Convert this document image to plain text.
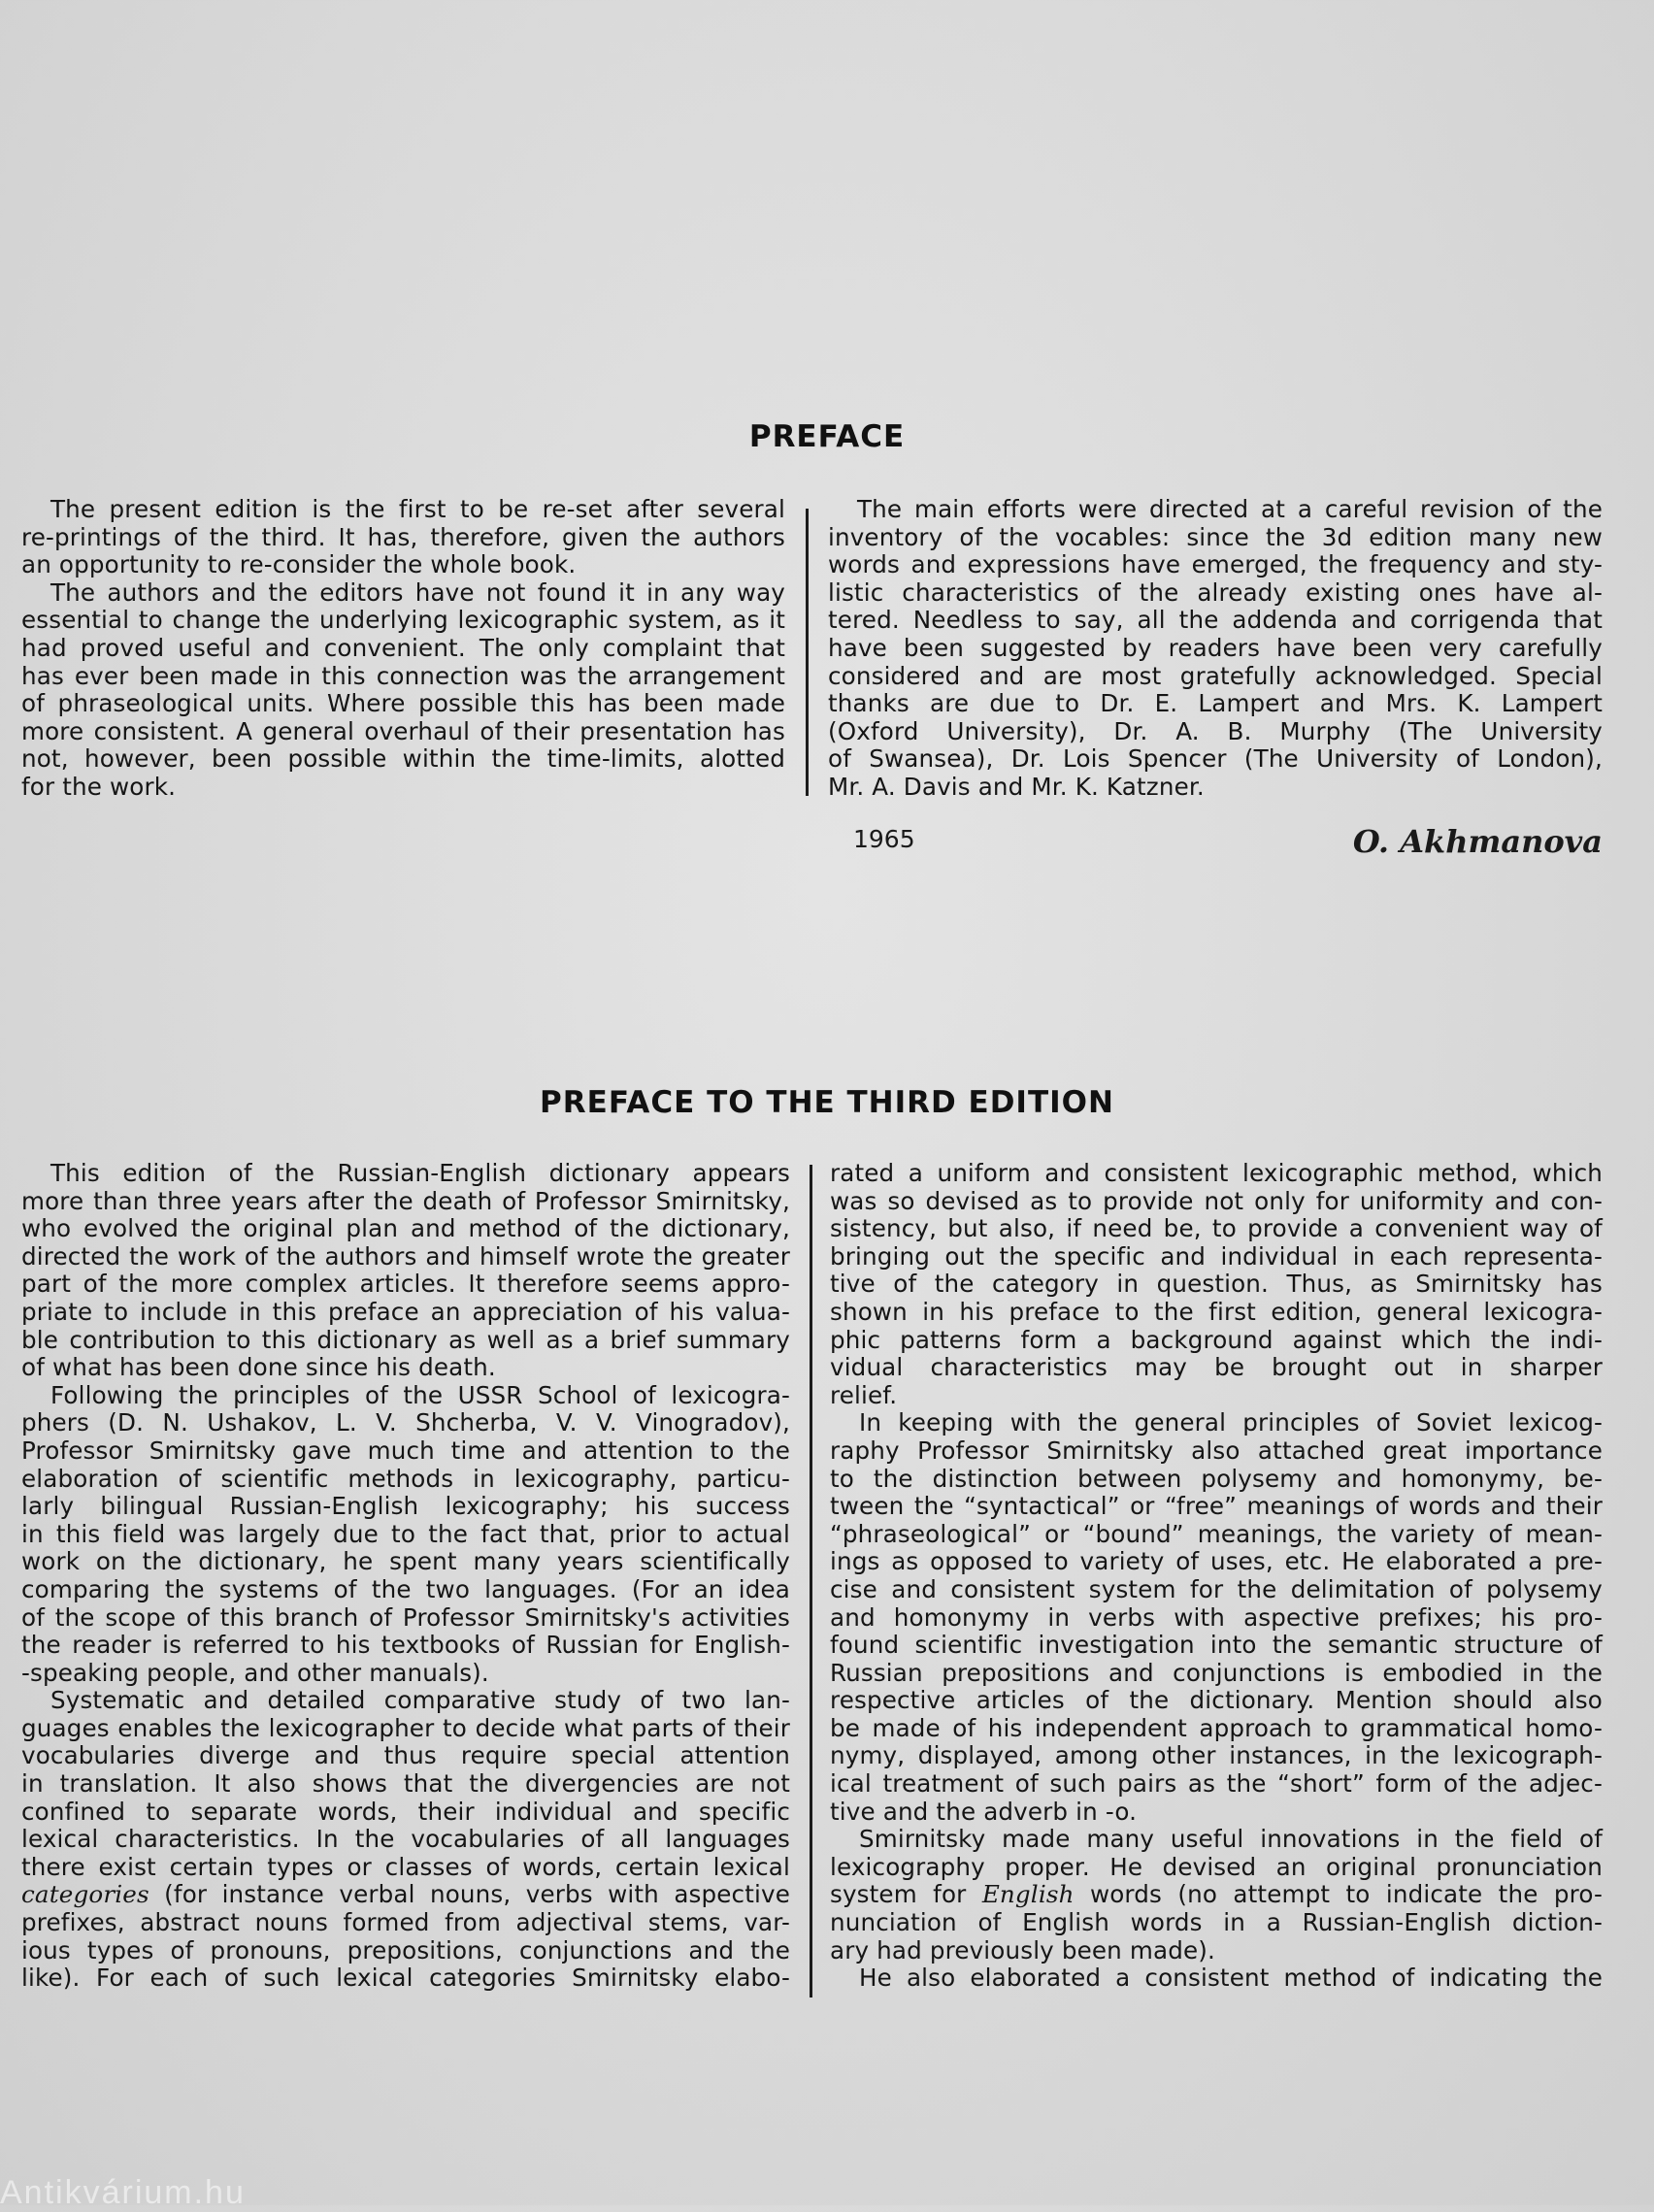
PREFACE
The present edition is the first to be re-set after several
re-printings of the third. It has, therefore, given the authors
an opportunity to re-consider the whole book.
The authors and the editors have not found it in any way
essential to change the underlying lexicographic system, as it
had proved useful and convenient. The only complaint that
has ever been made in this connection was the arrangement
of phraseological units. Where possible this has been made
more consistent. A general overhaul of their presentation has
not, however, been possible within the time-limits, alotted
for the work.
The main efforts were directed at a careful revision of the
inventory of the vocables: since the 3d edition many new
words and expressions have emerged, the frequency and sty-
listic characteristics of the already existing ones have al-
tered. Needless to say, all the addenda and corrigenda that
have been suggested by readers have been very carefully
considered and are most gratefully acknowledged. Special
thanks are due to Dr. E. Lampert and Mrs. K. Lampert
(Oxford University), Dr. A. B. Murphy (The University
of Swansea), Dr. Lois Spencer (The University of London),
Mr. A. Davis and Mr. K. Katzner.
1965	O. Akhmanova
PREFACE TO THE THIRD EDITION
This edition of the Russian-English dictionary appears
more than three years after the death of Professor Smirnitsky,
who evolved the original plan and method of the dictionary,
directed the work of the authors and himself wrote the greater
part of the more complex articles. It therefore seems appro-
priate to include in this preface an appreciation of his valua-
ble contribution to this dictionary as well as a brief summary
of what has been done since his death.
Following the principles of the USSR School of lexicogra-
phers (D. N. Ushakov, L. V. Shcherba, V. V. Vinogradov),
Professor Smirnitsky gave much time and attention to the
elaboration of scientific methods in lexicography, particu-
larly bilingual Russian-English lexicography; his success
in this field was largely due to the fact that, prior to actual
work on the dictionary, he spent many years scientifically
comparing the systems of the two languages. (For an idea
of the scope of this branch of Professor Smirnitsky's activities
the reader is referred to his textbooks of Russian for English-
-speaking people, and other manuals).
Systematic and detailed comparative study of two lan-
guages enables the lexicographer to decide what parts of their
vocabularies diverge and thus require special attention
in translation. It also shows that the divergencies are not
confined to separate words, their individual and specific
lexical characteristics. In the vocabularies of all languages
there exist certain types or classes of words, certain lexical
categories (for instance verbal nouns, verbs with aspective
prefixes, abstract nouns formed from adjectival stems, var-
ious types of pronouns, prepositions, conjunctions and the
like). For each of such lexical categories Smirnitsky elabo-
rated a uniform and consistent lexicographic method, which
was so devised as to provide not only for uniformity and con-
sistency, but also, if need be, to provide a convenient way of
bringing out the specific and individual in each representa-
tive of the category in question. Thus, as Smirnitsky has
shown in his preface to the first edition, general lexicogra-
phic patterns form a background against which the indi-
vidual characteristics may be brought out in sharper
relief.
In keeping with the general principles of Soviet lexicog-
raphy Professor Smirnitsky also attached great importance
to the distinction between polysemy and homonymy, be-
tween the “syntactical” or “free” meanings of words and their
“phraseological” or “bound” meanings, the variety of mean-
ings as opposed to variety of uses, etc. He elaborated a pre-
cise and consistent system for the delimitation of polysemy
and homonymy in verbs with aspective prefixes; his pro-
found scientific investigation into the semantic structure of
Russian prepositions and conjunctions is embodied in the
respective articles of the dictionary. Mention should also
be made of his independent approach to grammatical homo-
nymy, displayed, among other instances, in the lexicograph-
ical treatment of such pairs as the “short” form of the adjec-
tive and the adverb in -o.
Smirnitsky made many useful innovations in the field of
lexicography proper. He devised an original pronunciation
system for English words (no attempt to indicate the pro-
nunciation of English words in a Russian-English diction-
ary had previously been made).
He also elaborated a consistent method of indicating the
Antikvárium.hu
